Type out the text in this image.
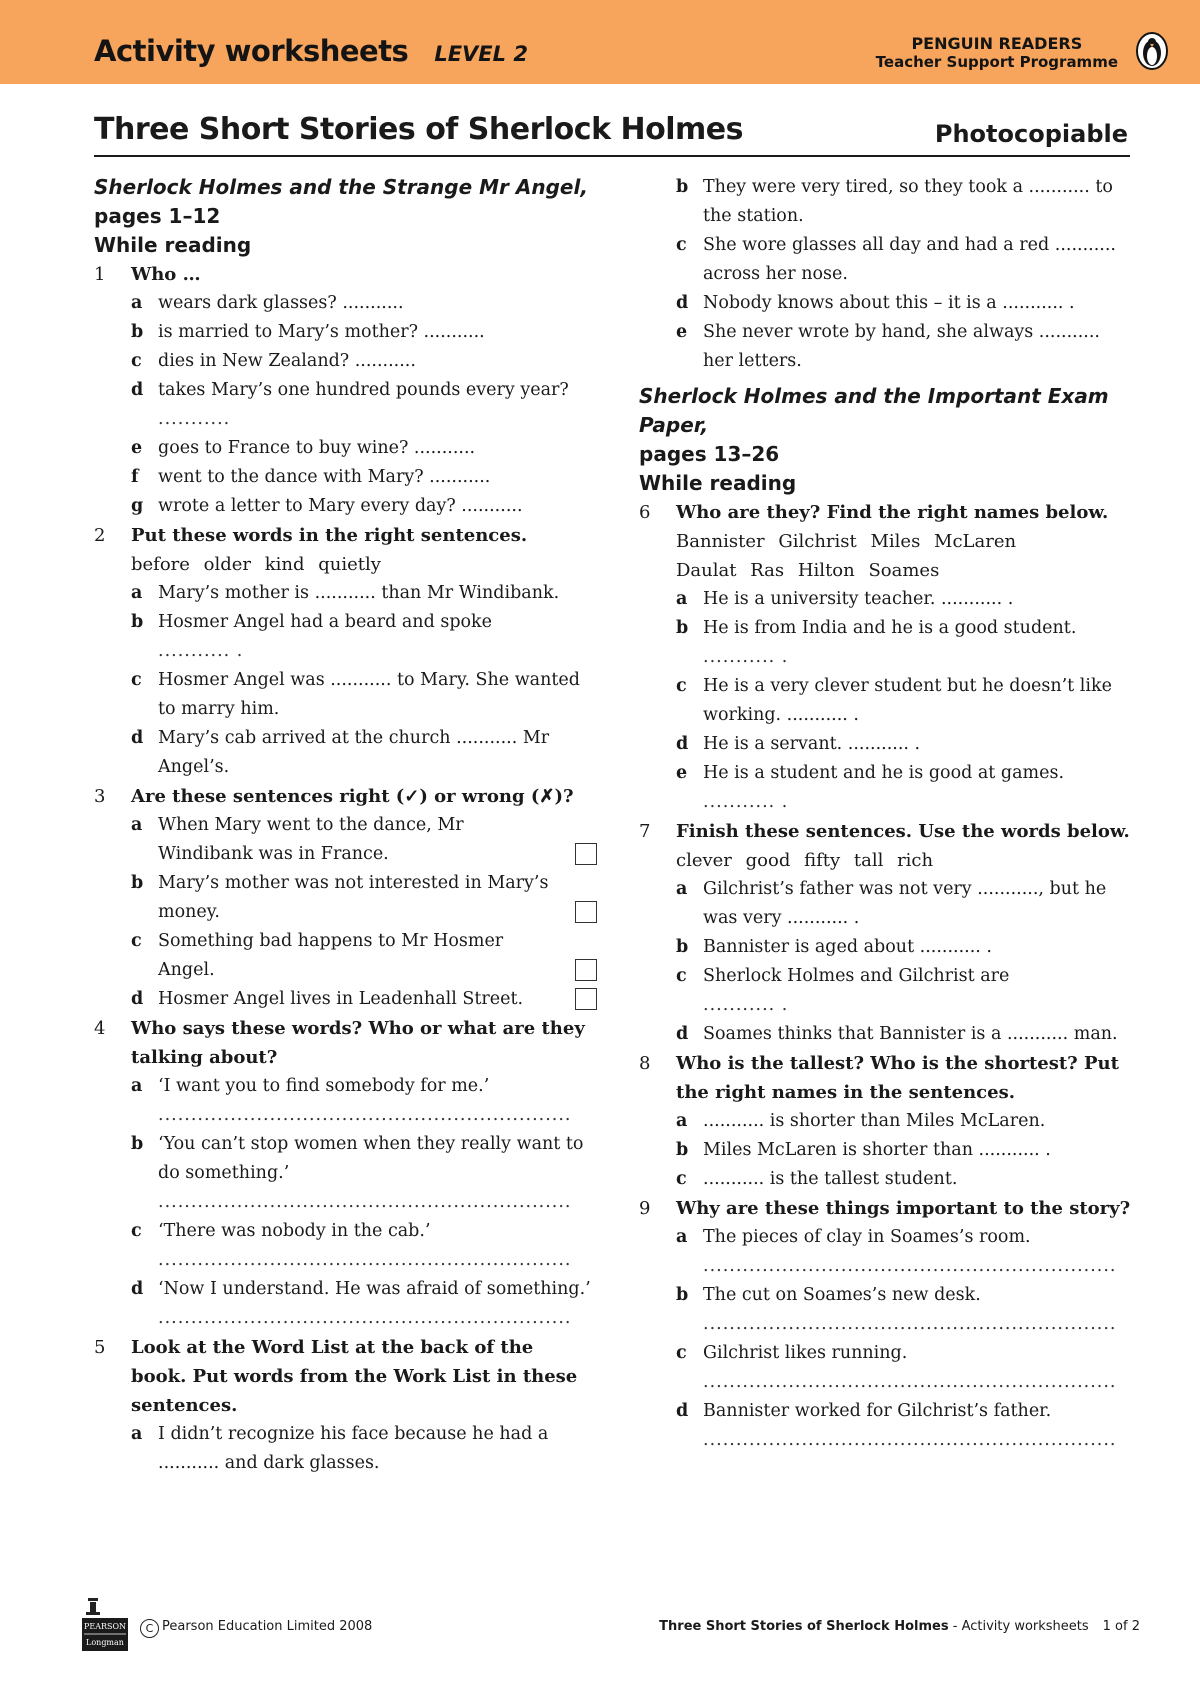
Activity worksheets LEVEL 2	PENGUIN READERS
Teacher Support Programme
Three Short Stories of Sherlock Holmes	Photocopiable
Sherlock Holmes and the Strange Mr Angel,
pages 1–12
While reading
1	Who …
a wears dark glasses? ...........
b is married to Mary’s mother? ...........
c dies in New Zealand? ...........
d takes Mary’s one hundred pounds every year?
...........
e goes to France to buy wine? ...........
f	went to the dance with Mary? ...........
g wrote a letter to Mary every day? ...........
2	Put these words in the right sentences.
before older kind quietly
a Mary’s mother is ........... than Mr Windibank.
b Hosmer Angel had a beard and spoke
........... .
c Hosmer Angel was ........... to Mary. She wanted to marry him.
d Mary’s cab arrived at the church ........... Mr Angel’s.
3	Are these sentences right (✓) or wrong (✗)?
a When Mary went to the dance, Mr Windibank was in France.
b Mary’s mother was not interested in Mary’s money.
c Something bad happens to Mr Hosmer Angel.
d Hosmer Angel lives in Leadenhall Street.
4	Who says these words? Who or what are they talking about?
a ‘I want you to find somebody for me.’
...............................................................
b ‘You can’t stop women when they really want to do something.’
...............................................................
c ‘There was nobody in the cab.’
...............................................................
d ‘Now I understand. He was afraid of something.’
...............................................................
5	Look at the Word List at the back of the book. Put words from the Work List in these sentences.
a I didn’t recognize his face because he had a ........... and dark glasses.
b They were very tired, so they took a ........... to the station.
c She wore glasses all day and had a red ........... across her nose.
d Nobody knows about this – it is a ........... .
e She never wrote by hand, she always ........... her letters.
Sherlock Holmes and the Important Exam Paper,
pages 13–26
While reading
6	Who are they? Find the right names below.
Bannister Gilchrist Miles McLaren
Daulat Ras Hilton Soames
a He is a university teacher. ........... .
b He is from India and he is a good student.
........... .
c He is a very clever student but he doesn’t like working. ........... .
d He is a servant. ........... .
e He is a student and he is good at games.
........... .
7	Finish these sentences. Use the words below.
clever good fifty tall rich
a Gilchrist’s father was not very ..........., but he was very ........... .
b Bannister is aged about ........... .
c Sherlock Holmes and Gilchrist are
........... .
d Soames thinks that Bannister is a ........... man.
8	Who is the tallest? Who is the shortest? Put the right names in the sentences.
a ........... is shorter than Miles McLaren.
b Miles McLaren is shorter than ........... .
c ........... is the tallest student.
9	Why are these things important to the story?
a The pieces of clay in Soames’s room.
...............................................................
b The cut on Soames’s new desk.
...............................................................
c Gilchrist likes running.
...............................................................
d Bannister worked for Gilchrist’s father.
...............................................................
PEARSON
Longman
C Pearson Education Limited 2008	Three Short Stories of Sherlock Holmes - Activity worksheets 1 of 2
